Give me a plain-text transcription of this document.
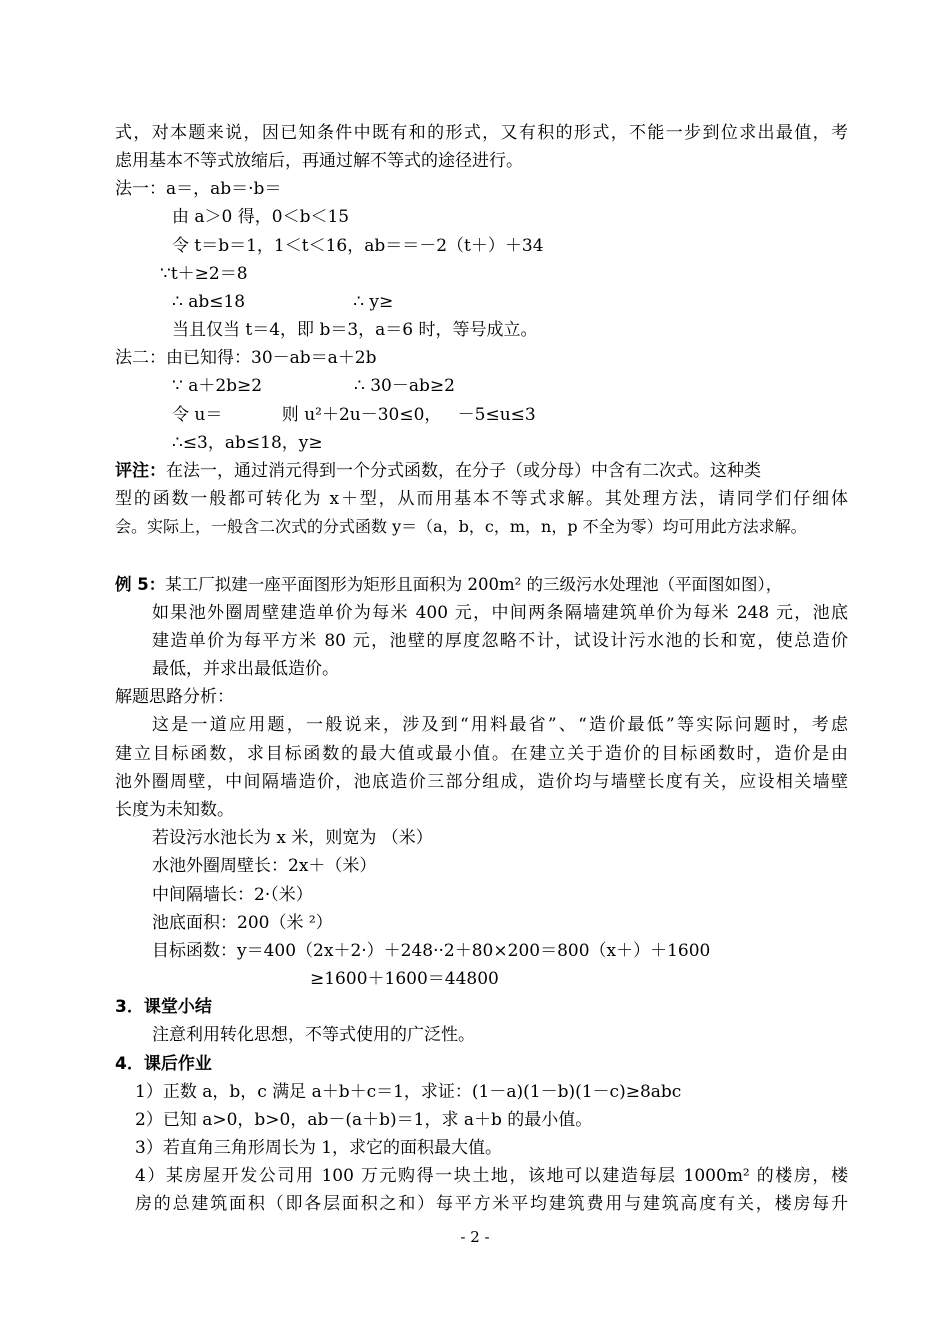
式，对本题来说，因已知条件中既有和的形式，又有积的形式，不能一步到位求出最值，考
虑用基本不等式放缩后，再通过解不等式的途径进行。
法一：a＝，ab＝·b＝
由 a＞0 得，0＜b＜15
令 t＝b＝1，1＜t＜16，ab＝＝－2（t＋）＋34
∵t＋≥2＝8
∴ ab≤18                    ∴ y≥
当且仅当 t＝4，即 b＝3，a＝6 时，等号成立。
法二：由已知得：30－ab＝a＋2b
∵ a＋2b≥2                 ∴ 30－ab≥2
令 u＝           则 u²＋2u－30≤0，   －5≤u≤3
∴≤3，ab≤18，y≥
评注：在法一，通过消元得到一个分式函数，在分子（或分母）中含有二次式。这种类
型的函数一般都可转化为 x＋型，从而用基本不等式求解。其处理方法，请同学们仔细体
会。实际上，一般含二次式的分式函数 y＝（a，b，c，m，n，p 不全为零）均可用此方法求解。
例 5：某工厂拟建一座平面图形为矩形且面积为 200m² 的三级污水处理池（平面图如图），
如果池外圈周壁建造单价为每米 400 元，中间两条隔墙建筑单价为每米 248 元，池底
建造单价为每平方米 80 元，池壁的厚度忽略不计，试设计污水池的长和宽，使总造价
最低，并求出最低造价。
解题思路分析：
这是一道应用题，一般说来，涉及到“用料最省”、“造价最低”等实际问题时，考虑
建立目标函数，求目标函数的最大值或最小值。在建立关于造价的目标函数时，造价是由
池外圈周壁，中间隔墙造价，池底造价三部分组成，造价均与墙壁长度有关，应设相关墙壁
长度为未知数。
若设污水池长为 x 米，则宽为 （米）
水池外圈周壁长：2x＋（米）
中间隔墙长：2·（米）
池底面积：200（米 ²）
目标函数：y＝400（2x＋2·）＋248··2＋80×200＝800（x＋）＋1600
≥1600＋1600＝44800
3．课堂小结
注意利用转化思想，不等式使用的广泛性。
4．课后作业
1）正数 a，b，c 满足 a＋b＋c＝1，求证：(1－a)(1－b)(1－c)≥8abc
2）已知 a>0，b>0，ab－(a＋b)＝1，求 a＋b 的最小值。
3）若直角三角形周长为 1，求它的面积最大值。
4）某房屋开发公司用 100 万元购得一块土地，该地可以建造每层 1000m² 的楼房，楼
房的总建筑面积（即各层面积之和）每平方米平均建筑费用与建筑高度有关，楼房每升
- 2 -
